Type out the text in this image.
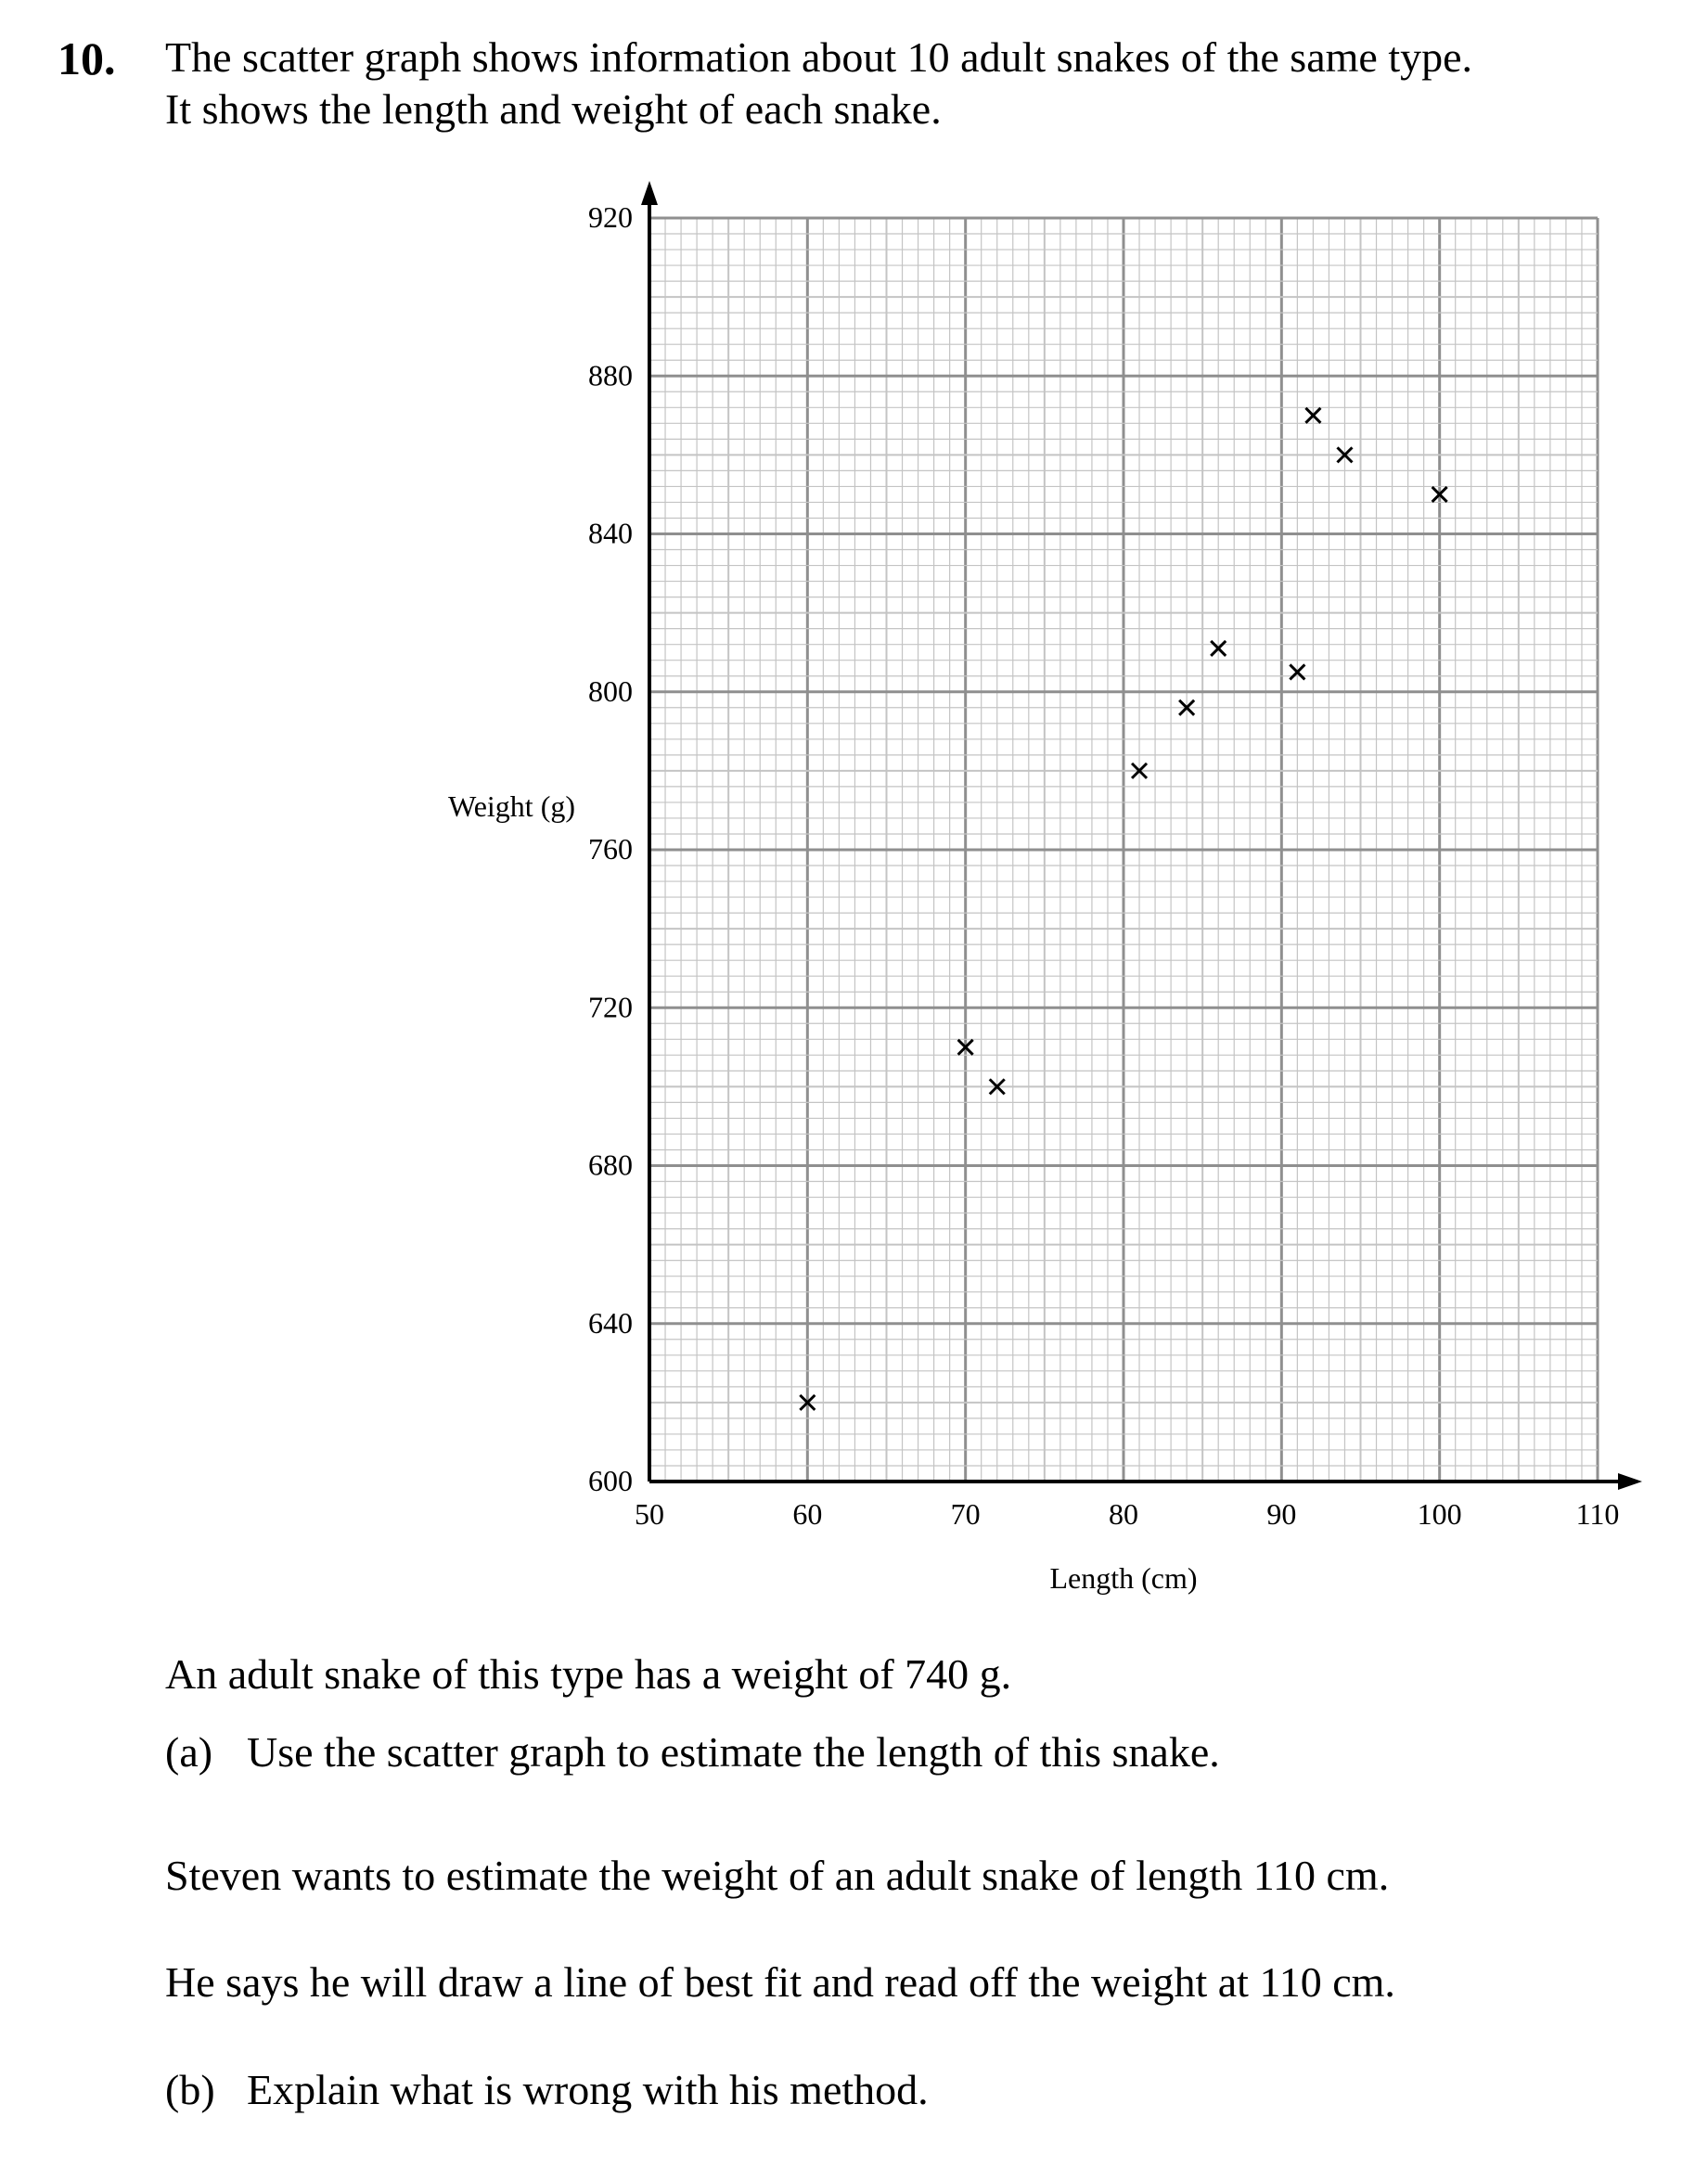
10. The scatter graph shows information about 10 adult snakes of the same type.
It shows the length and weight of each snake.
600
640
680
720
760
800
840
880
920
50	60	70	80	90	100	110
Weight (g)
Length (cm)
An adult snake of this type has a weight of 740 g.
(a) Use the scatter graph to estimate the length of this snake.
Steven wants to estimate the weight of an adult snake of length 110 cm.
He says he will draw a line of best fit and read off the weight at 110 cm.
(b) Explain what is wrong with his method.
